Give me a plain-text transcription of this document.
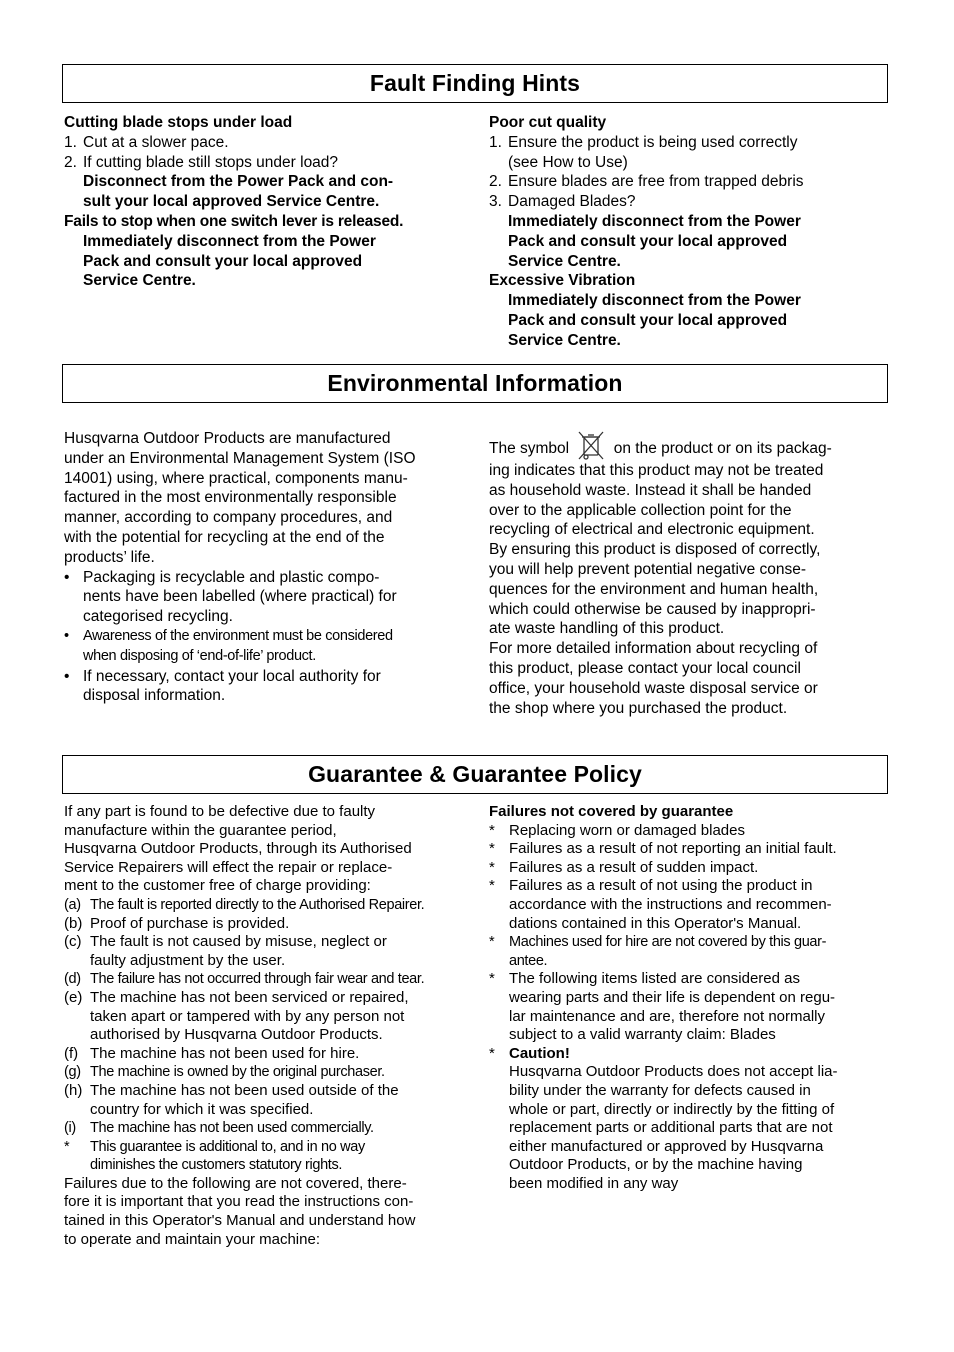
Fault Finding Hints

Cutting blade stops under load

1. Cut at a slower pace.

2. If cutting blade still stops under load?

Disconnect from the Power Pack and con-

sult your local approved Service Centre.

Fails to stop when one switch lever is released.

Immediately disconnect from the Power

Pack and consult your local approved

Service Centre.

Poor cut quality

1. Ensure the product is being used correctly

(see How to Use)

2. Ensure blades are free from trapped debris

3. Damaged Blades?

Immediately disconnect from the Power

Pack and consult your local approved

Service Centre.

Excessive Vibration

Immediately disconnect from the Power

Pack and consult your local approved

Service Centre.

Environmental Information

Husqvarna Outdoor Products are manufactured

under an Environmental Management System (ISO

14001) using, where practical, components manu-

factured in the most environmentally responsible

manner, according to company procedures, and

with the potential for recycling at the end of the

products’ life.

• Packaging is recyclable and plastic compo-

nents have been labelled (where practical) for

categorised recycling.

• Awareness of the environment must be considered

when disposing of ‘end-of-life’ product.

• If necessary, contact your local authority for

disposal information.

The symbol	on the product or on its packag-

ing indicates that this product may not be treated

as household waste. Instead it shall be handed

over to the applicable collection point for the

recycling of electrical and electronic equipment.

By ensuring this product is disposed of correctly,

you will help prevent potential negative conse-

quences for the environment and human health,

which could otherwise be caused by inappropri-

ate waste handling of this product.

For more detailed information about recycling of

this product, please contact your local council

office, your household waste disposal service or

the shop where you purchased the product.

Guarantee & Guarantee Policy

If any part is found to be defective due to faulty

manufacture within the guarantee period,

Husqvarna Outdoor Products, through its Authorised

Service Repairers will effect the repair or replace-

ment to the customer free of charge providing:

(a) The fault is reported directly to the Authorised Repairer.

(b) Proof of purchase is provided.

(c) The fault is not caused by misuse, neglect or

faulty adjustment by the user.

(d) The failure has not occurred through fair wear and tear.

(e) The machine has not been serviced or repaired,

taken apart or tampered with by any person not

authorised by Husqvarna Outdoor Products.

(f) The machine has not been used for hire.

(g) The machine is owned by the original purchaser.

(h) The machine has not been used outside of the

country for which it was specified.

(i) The machine has not been used commercially.

* This guarantee is additional to, and in no way

diminishes the customers statutory rights.

Failures due to the following are not covered, there-

fore it is important that you read the instructions con-

tained in this Operator's Manual and understand how

to operate and maintain your machine:

Failures not covered by guarantee

* Replacing worn or damaged blades

* Failures as a result of not reporting an initial fault.

* Failures as a result of sudden impact.

* Failures as a result of not using the product in

accordance with the instructions and recommen-

dations contained in this Operator's Manual.

* Machines used for hire are not covered by this guar-

antee.

* The following items listed are considered as

wearing parts and their life is dependent on regu-

lar maintenance and are, therefore not normally

subject to a valid warranty claim: Blades

* Caution!

Husqvarna Outdoor Products does not accept lia-

bility under the warranty for defects caused in

whole or part, directly or indirectly by the fitting of

replacement parts or additional parts that are not

either manufactured or approved by Husqvarna

Outdoor Products, or by the machine having

been modified in any way
